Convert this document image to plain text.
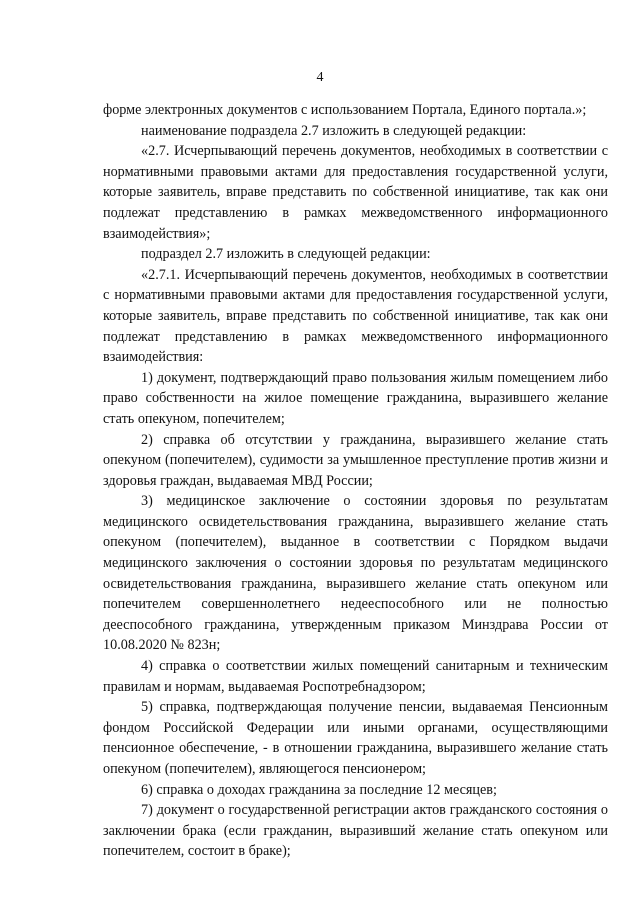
4

форме электронных документов с использованием Портала, Единого портала.»;

наименование подраздела 2.7 изложить в следующей редакции:

«2.7. Исчерпывающий перечень документов, необходимых в соответствии с нормативными правовыми актами для предоставления государственной услуги, которые заявитель, вправе представить по собственной инициативе, так как они подлежат представлению в рамках межведомственного информационного взаимодействия»;

подраздел 2.7 изложить в следующей редакции:

«2.7.1. Исчерпывающий перечень документов, необходимых в соответствии с нормативными правовыми актами для предоставления государственной услуги, которые заявитель, вправе представить по собственной инициативе, так как они подлежат представлению в рамках межведомственного информационного взаимодействия:

1) документ, подтверждающий право пользования жилым помещением либо право собственности на жилое помещение гражданина, выразившего желание стать опекуном, попечителем;

2) справка об отсутствии у гражданина, выразившего желание стать опекуном (попечителем), судимости за умышленное преступление против жизни и здоровья граждан, выдаваемая МВД России;

3) медицинское заключение о состоянии здоровья по результатам медицинского освидетельствования гражданина, выразившего желание стать опекуном (попечителем), выданное в соответствии с Порядком выдачи медицинского заключения о состоянии здоровья по результатам медицинского освидетельствования гражданина, выразившего желание стать опекуном или попечителем совершеннолетнего недееспособного или не полностью дееспособного гражданина, утвержденным приказом Минздрава России от 10.08.2020 № 823н;

4) справка о соответствии жилых помещений санитарным и техническим правилам и нормам, выдаваемая Роспотребнадзором;

5) справка, подтверждающая получение пенсии, выдаваемая Пенсионным фондом Российской Федерации или иными органами, осуществляющими пенсионное обеспечение, - в отношении гражданина, выразившего желание стать опекуном (попечителем), являющегося пенсионером;

6) справка о доходах гражданина за последние 12 месяцев;

7) документ о государственной регистрации актов гражданского состояния о заключении брака (если гражданин, выразивший желание стать опекуном или попечителем, состоит в браке);
